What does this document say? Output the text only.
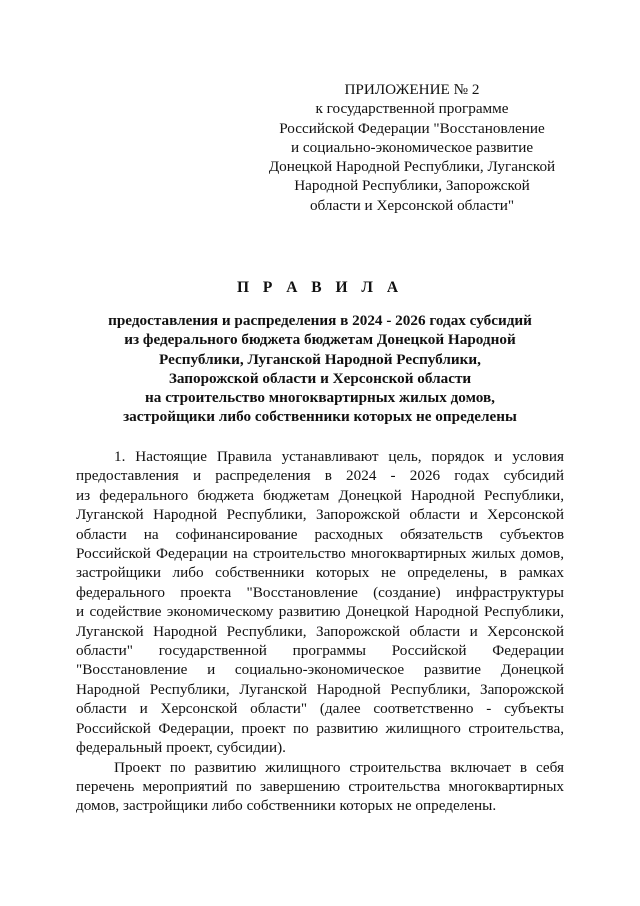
ПРИЛОЖЕНИЕ № 2
к государственной программе
Российской Федерации "Восстановление
и социально-экономическое развитие
Донецкой Народной Республики, Луганской
Народной Республики, Запорожской
области и Херсонской области"
П Р А В И Л А
предоставления и распределения в 2024 - 2026 годах субсидий
из федерального бюджета бюджетам Донецкой Народной
Республики, Луганской Народной Республики,
Запорожской области и Херсонской области
на строительство многоквартирных жилых домов,
застройщики либо собственники которых не определены
1. Настоящие Правила устанавливают цель, порядок и условия
предоставления и распределения в 2024 - 2026 годах субсидий
из федерального бюджета бюджетам Донецкой Народной Республики,
Луганской Народной Республики, Запорожской области и Херсонской
области на софинансирование расходных обязательств субъектов
Российской Федерации на строительство многоквартирных жилых домов,
застройщики либо собственники которых не определены, в рамках
федерального проекта "Восстановление (создание) инфраструктуры
и содействие экономическому развитию Донецкой Народной Республики,
Луганской Народной Республики, Запорожской области и Херсонской
области" государственной программы Российской Федерации
"Восстановление и социально-экономическое развитие Донецкой
Народной Республики, Луганской Народной Республики, Запорожской
области и Херсонской области" (далее соответственно - субъекты
Российской Федерации, проект по развитию жилищного строительства,
федеральный проект, субсидии).
Проект по развитию жилищного строительства включает в себя
перечень мероприятий по завершению строительства многоквартирных
домов, застройщики либо собственники которых не определены.
